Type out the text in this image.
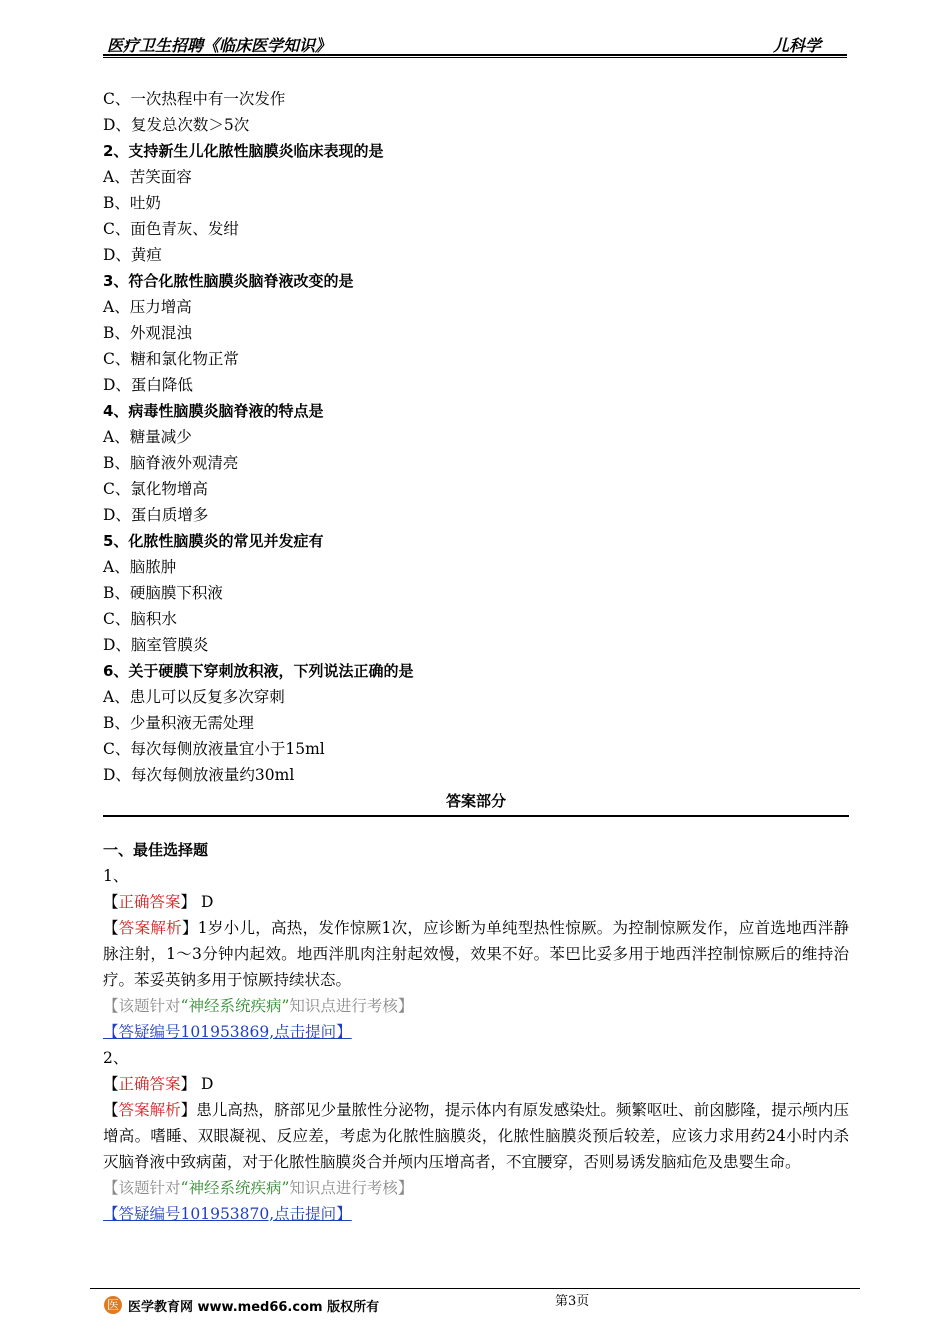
医疗卫生招聘《临床医学知识》	儿科学
C、一次热程中有一次发作
D、复发总次数＞5次
2、支持新生儿化脓性脑膜炎临床表现的是
A、苦笑面容
B、吐奶
C、面色青灰、发绀
D、黄疸
3、符合化脓性脑膜炎脑脊液改变的是
A、压力增高
B、外观混浊
C、糖和氯化物正常
D、蛋白降低
4、病毒性脑膜炎脑脊液的特点是
A、糖量减少
B、脑脊液外观清亮
C、氯化物增高
D、蛋白质增多
5、化脓性脑膜炎的常见并发症有
A、脑脓肿
B、硬脑膜下积液
C、脑积水
D、脑室管膜炎
6、关于硬膜下穿刺放积液，下列说法正确的是
A、患儿可以反复多次穿刺
B、少量积液无需处理
C、每次每侧放液量宜小于15ml
D、每次每侧放液量约30ml
答案部分
一、最佳选择题
1、
【正确答案】 D
【答案解析】1岁小儿，高热，发作惊厥1次，应诊断为单纯型热性惊厥。为控制惊厥发作，应首选地西泮静脉注射，1～3分钟内起效。地西泮肌肉注射起效慢，效果不好。苯巴比妥多用于地西泮控制惊厥后的维持治疗。苯妥英钠多用于惊厥持续状态。
【该题针对“神经系统疾病”知识点进行考核】
【答疑编号101953869,点击提问】
2、
【正确答案】 D
【答案解析】患儿高热，脐部见少量脓性分泌物，提示体内有原发感染灶。频繁呕吐、前囟膨隆，提示颅内压增高。嗜睡、双眼凝视、反应差，考虑为化脓性脑膜炎，化脓性脑膜炎预后较差，应该力求用药24小时内杀灭脑脊液中致病菌，对于化脓性脑膜炎合并颅内压增高者，不宜腰穿，否则易诱发脑疝危及患婴生命。
【该题针对“神经系统疾病”知识点进行考核】
【答疑编号101953870,点击提问】
医 医学教育网 www.med66.com 版权所有	第3页
